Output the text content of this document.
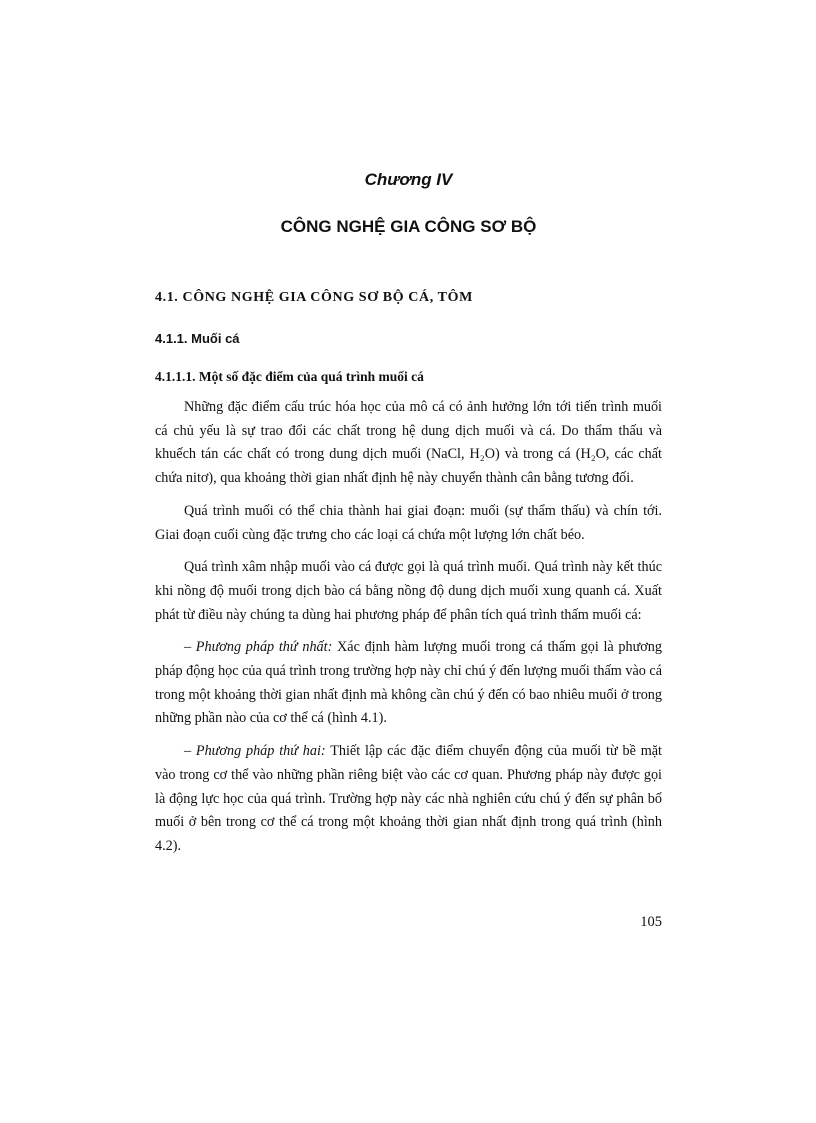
Chương IV
CÔNG NGHỆ GIA CÔNG SƠ BỘ
4.1. CÔNG NGHỆ GIA CÔNG SƠ BỘ CÁ, TÔM
4.1.1. Muối cá
4.1.1.1. Một số đặc điểm của quá trình muối cá

Những đặc điểm cấu trúc hóa học của mô cá có ảnh hưởng lớn tới tiến trình muối cá chủ yếu là sự trao đổi các chất trong hệ dung dịch muối và cá. Do thẩm thấu và khuếch tán các chất có trong dung dịch muối (NaCl, H₂O) và trong cá (H₂O, các chất chứa nitơ), qua khoảng thời gian nhất định hệ này chuyển thành cân bằng tương đối.

Quá trình muối có thể chia thành hai giai đoạn: muối (sự thẩm thấu) và chín tới. Giai đoạn cuối cùng đặc trưng cho các loại cá chứa một lượng lớn chất béo.

Quá trình xâm nhập muối vào cá được gọi là quá trình muối. Quá trình này kết thúc khi nồng độ muối trong dịch bào cá bằng nồng độ dung dịch muối xung quanh cá. Xuất phát từ điều này chúng ta dùng hai phương pháp để phân tích quá trình thấm muối cá:

– Phương pháp thứ nhất: Xác định hàm lượng muối trong cá thấm gọi là phương pháp động học của quá trình trong trường hợp này chỉ chú ý đến lượng muối thấm vào cá trong một khoảng thời gian nhất định mà không cần chú ý đến có bao nhiêu muối ở trong những phần nào của cơ thể cá (hình 4.1).

– Phương pháp thứ hai: Thiết lập các đặc điểm chuyển động của muối từ bề mặt vào trong cơ thể vào những phần riêng biệt vào các cơ quan. Phương pháp này được gọi là động lực học của quá trình. Trường hợp này các nhà nghiên cứu chú ý đến sự phân bố muối ở bên trong cơ thể cá trong một khoảng thời gian nhất định trong quá trình (hình 4.2).

105
